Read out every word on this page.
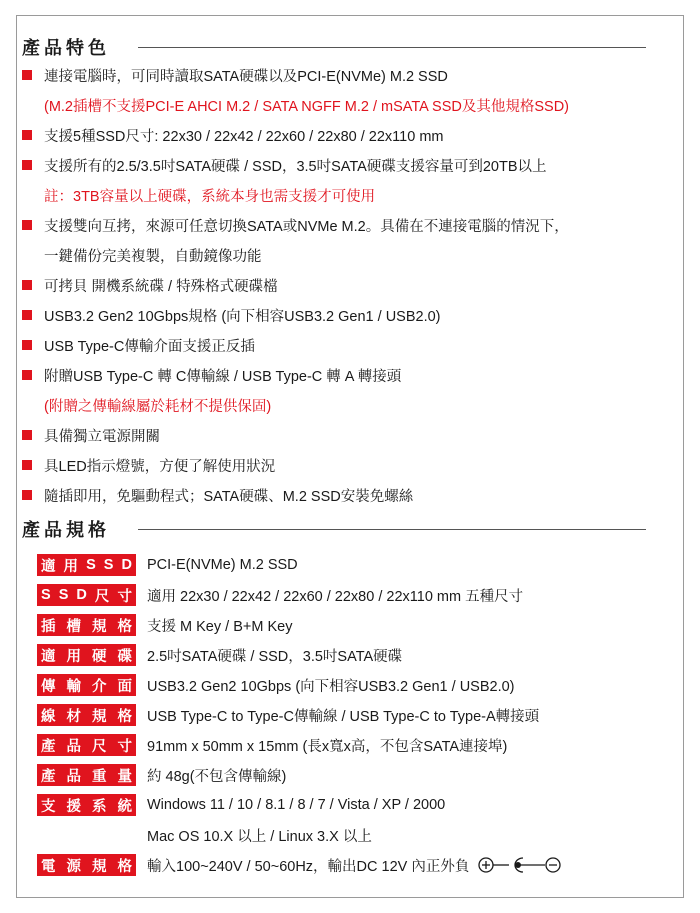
產品特色
連接電腦時，可同時讀取SATA硬碟以及PCI-E(NVMe) M.2 SSD
(M.2插槽不支援PCI-E AHCI M.2 / SATA NGFF M.2 / mSATA SSD及其他規格SSD)
支援5種SSD尺寸: 22x30 / 22x42 / 22x60 / 22x80 / 22x110 mm
支援所有的2.5/3.5吋SATA硬碟 / SSD，3.5吋SATA硬碟支援容量可到20TB以上
註：3TB容量以上硬碟，系統本身也需支援才可使用
支援雙向互拷，來源可任意切換SATA或NVMe M.2。具備在不連接電腦的情況下，
一鍵備份完美複製，自動鏡像功能
可拷貝 開機系統碟 / 特殊格式硬碟檔
USB3.2 Gen2 10Gbps規格 (向下相容USB3.2 Gen1 / USB2.0)
USB Type-C傳輸介面支援正反插
附贈USB Type-C 轉 C傳輸線 / USB Type-C 轉 A 轉接頭
(附贈之傳輸線屬於耗材不提供保固)
具備獨立電源開關
具LED指示燈號，方便了解使用狀況
隨插即用，免驅動程式；SATA硬碟、M.2 SSD安裝免螺絲
產品規格
適 用 S S D PCI-E(NVMe) M.2 SSD
S S D 尺 寸 適用 22x30 / 22x42 / 22x60 / 22x80 / 22x110 mm 五種尺寸
插 槽 規 格 支援 M Key / B+M Key
適 用 硬 碟 2.5吋SATA硬碟 / SSD，3.5吋SATA硬碟
傳 輸 介 面 USB3.2 Gen2 10Gbps (向下相容USB3.2 Gen1 / USB2.0)
線 材 規 格 USB Type-C to Type-C傳輸線 / USB Type-C to Type-A轉接頭
產 品 尺 寸 91mm x 50mm x 15mm (長x寬x高，不包含SATA連接埠)
產 品 重 量 約 48g(不包含傳輸線)
支 援 系 統 Windows 11 / 10 / 8.1 / 8 / 7 / Vista / XP / 2000
Mac OS 10.X 以上 / Linux 3.X 以上
電 源 規 格 輸入100~240V / 50~60Hz，輸出DC 12V 內正外負
